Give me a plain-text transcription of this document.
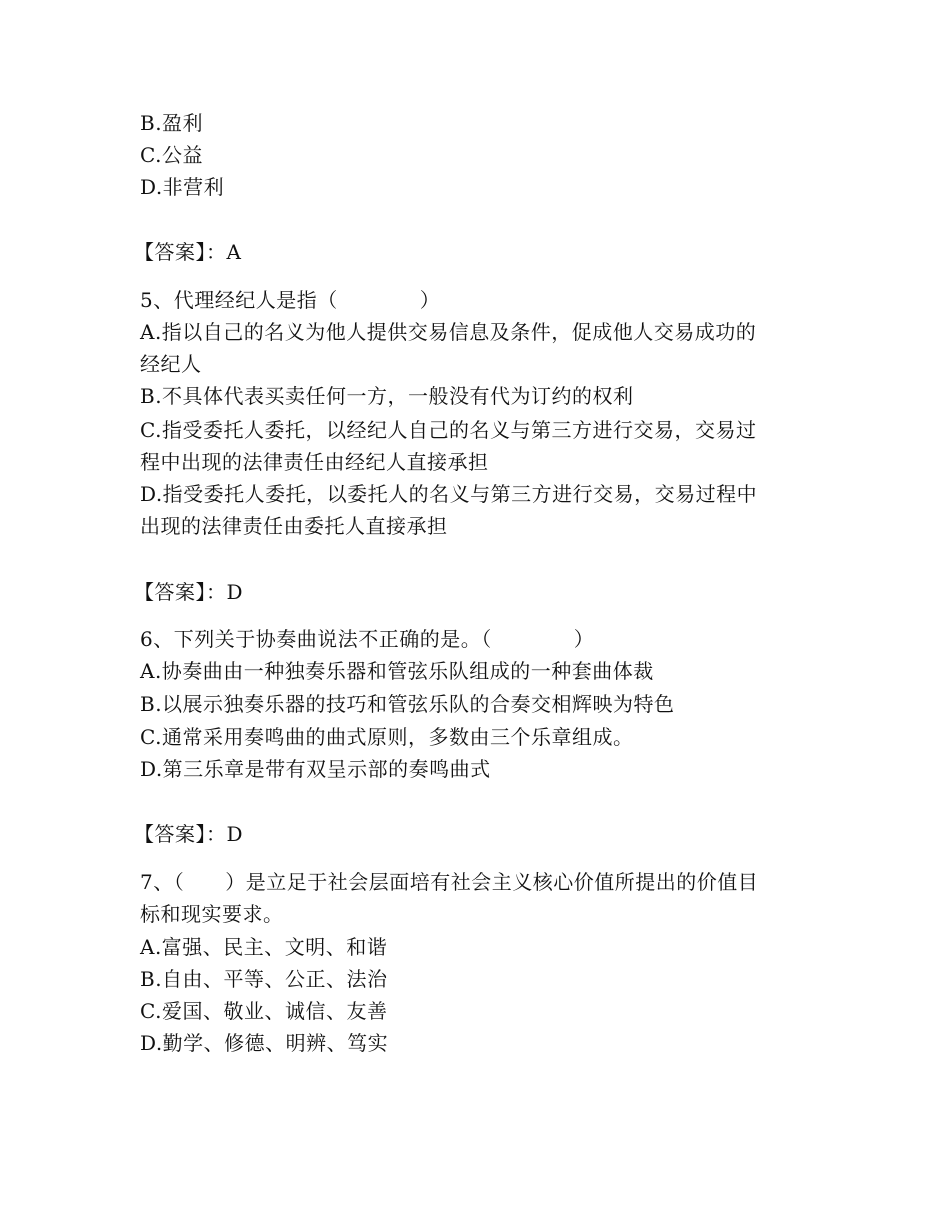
B.盈利
C.公益
D.非营利
【答案】：A
5、代理经纪人是指（　　　　）
A.指以自己的名义为他人提供交易信息及条件，促成他人交易成功的
经纪人
B.不具体代表买卖任何一方，一般没有代为订约的权利
C.指受委托人委托，以经纪人自己的名义与第三方进行交易，交易过
程中出现的法律责任由经纪人直接承担
D.指受委托人委托，以委托人的名义与第三方进行交易，交易过程中
出现的法律责任由委托人直接承担
【答案】：D
6、下列关于协奏曲说法不正确的是。（　　　　）
A.协奏曲由一种独奏乐器和管弦乐队组成的一种套曲体裁
B.以展示独奏乐器的技巧和管弦乐队的合奏交相辉映为特色
C.通常采用奏鸣曲的曲式原则，多数由三个乐章组成。
D.第三乐章是带有双呈示部的奏鸣曲式
【答案】：D
7、（　　）是立足于社会层面培有社会主义核心价值所提出的价值目
标和现实要求。
A.富强、民主、文明、和谐
B.自由、平等、公正、法治
C.爱国、敬业、诚信、友善
D.勤学、修德、明辨、笃实
